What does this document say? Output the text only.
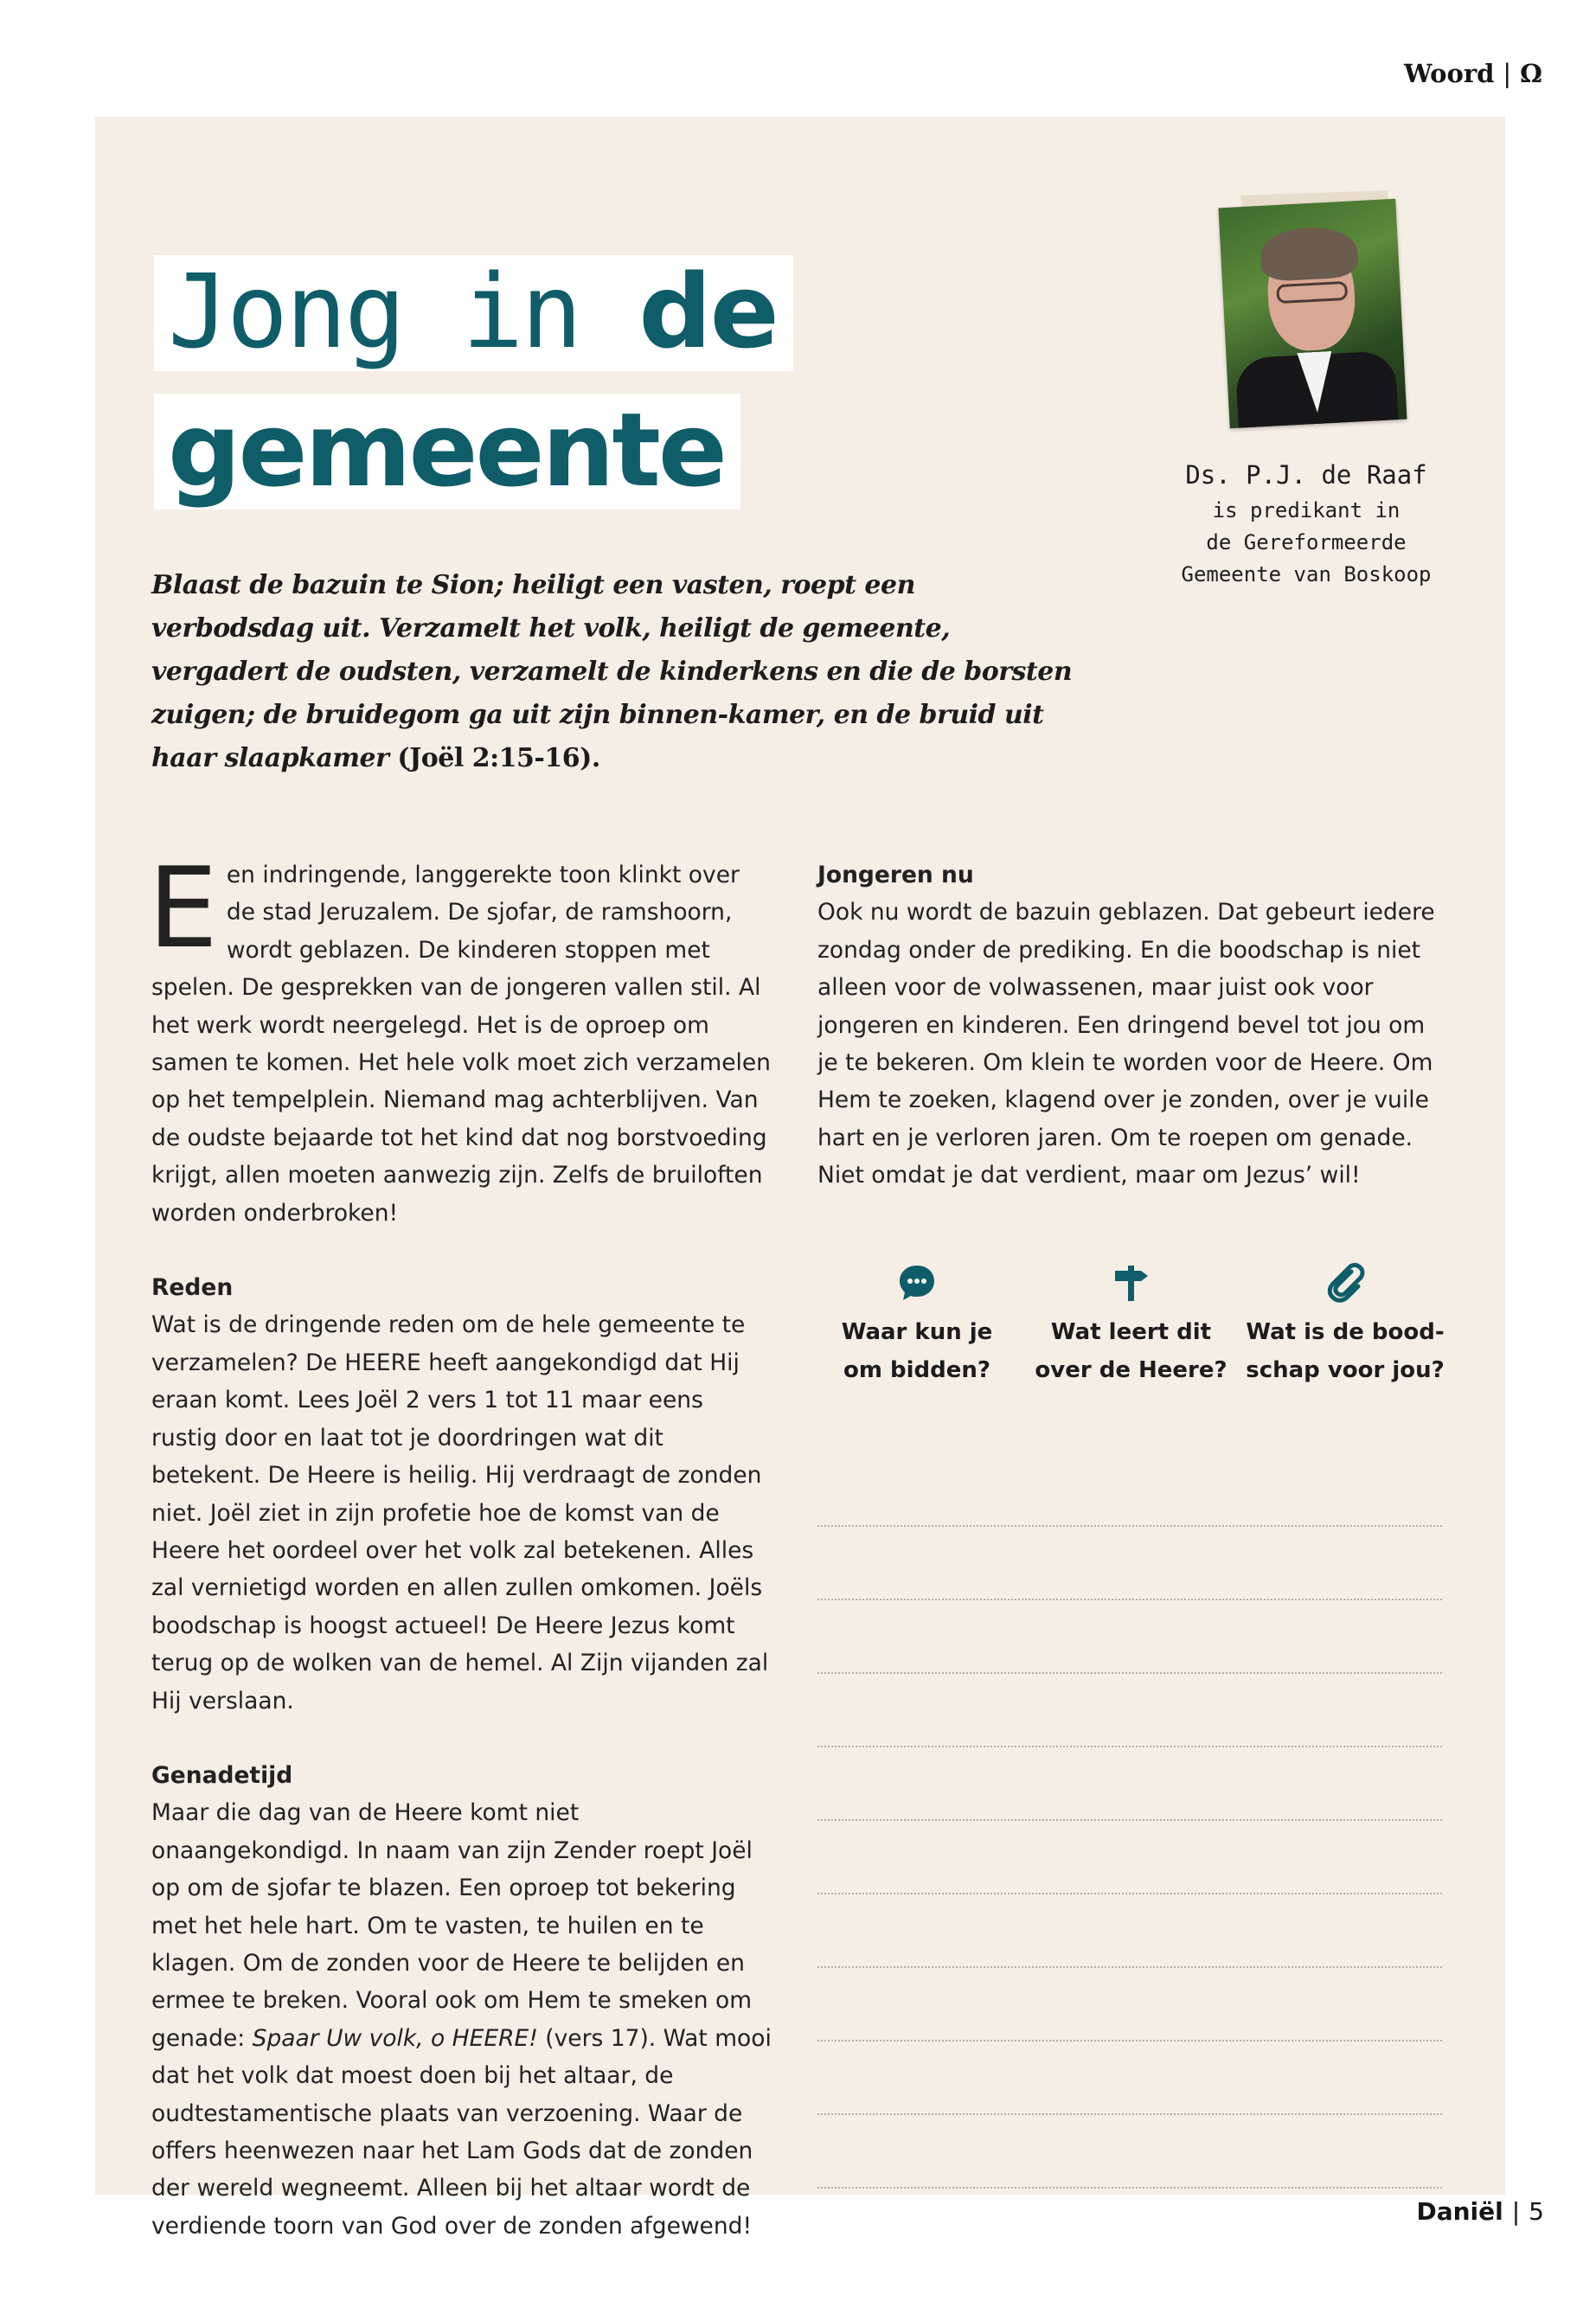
Woord | Ω
Jong in de
gemeente	Ds. P.J. de Raaf
is predikant in
de Gereformeerde
Gemeente van Boskoop
Blaast de bazuin te Sion; heiligt een vasten, roept een verbodsdag uit. Verzamelt het volk, heiligt de gemeente, vergadert de oudsten, verzamelt de kinderkens en die de borsten zuigen; de bruidegom ga uit zijn binnen-kamer, en de bruid uit haar slaapkamer (Joël 2:15-16).

Een indringende, langgerekte toon klinkt over de stad Jeruzalem. De sjofar, de ramshoorn, wordt geblazen. De kinderen stoppen met spelen. De gesprekken van de jongeren vallen stil. Al het werk wordt neergelegd. Het is de oproep om samen te komen. Het hele volk moet zich verzamelen op het tempelplein. Niemand mag achterblijven. Van de oudste bejaarde tot het kind dat nog borstvoeding krijgt, allen moeten aanwezig zijn. Zelfs de bruiloften worden onderbroken!

Reden

Wat is de dringende reden om de hele gemeente te verzamelen? De HEERE heeft aangekondigd dat Hij eraan komt. Lees Joël 2 vers 1 tot 11 maar eens rustig door en laat tot je doordringen wat dit betekent. De Heere is heilig. Hij verdraagt de zonden niet. Joël ziet in zijn profetie hoe de komst van de Heere het oordeel over het volk zal betekenen. Alles zal vernietigd worden en allen zullen omkomen. Joëls boodschap is hoogst actueel! De Heere Jezus komt terug op de wolken van de hemel. Al Zijn vijanden zal Hij verslaan.

Genadetijd

Maar die dag van de Heere komt niet onaangekondigd. In naam van zijn Zender roept Joël op om de sjofar te blazen. Een oproep tot bekering met het hele hart. Om te vasten, te huilen en te klagen. Om de zonden voor de Heere te belijden en ermee te breken. Vooral ook om Hem te smeken om genade: Spaar Uw volk, o HEERE! (vers 17). Wat mooi dat het volk dat moest doen bij het altaar, de oudtestamentische plaats van verzoening. Waar de offers heenwezen naar het Lam Gods dat de zonden der wereld wegneemt. Alleen bij het altaar wordt de verdiende toorn van God over de zonden afgewend!

Jongeren nu

Ook nu wordt de bazuin geblazen. Dat gebeurt iedere zondag onder de prediking. En die boodschap is niet alleen voor de volwassenen, maar juist ook voor jongeren en kinderen. Een dringend bevel tot jou om je te bekeren. Om klein te worden voor de Heere. Om Hem te zoeken, klagend over je zonden, over je vuile hart en je verloren jaren. Om te roepen om genade. Niet omdat je dat verdient, maar om Jezus’ wil!

Waar kun je
om bidden?
Wat leert dit
over de Heere?
Wat is de bood-
schap voor jou?
Daniël | 5
